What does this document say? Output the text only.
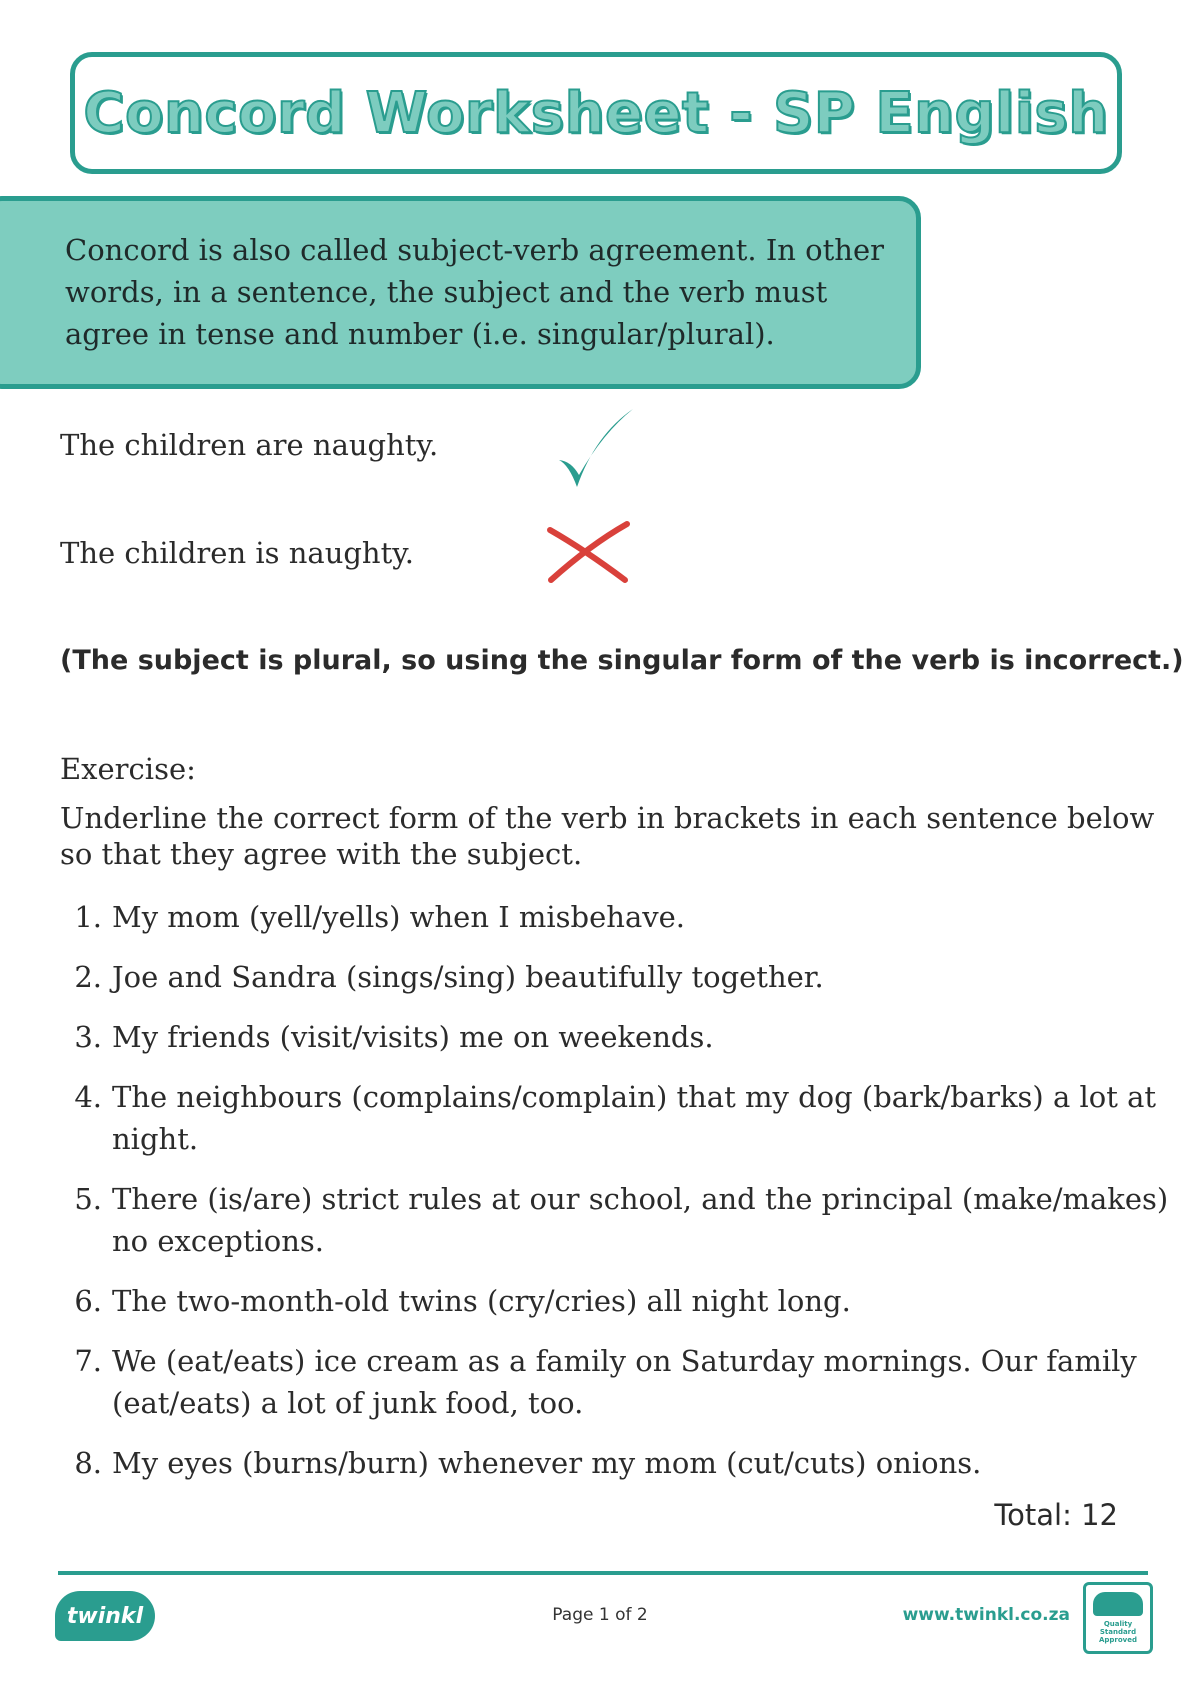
Concord Worksheet - SP English

Concord is also called subject-verb agreement. In other words, in a sentence, the subject and the verb must agree in tense and number (i.e. singular/plural).

The children are naughty.
The children is naughty.
(The subject is plural, so using the singular form of the verb is incorrect.)
Exercise:

Underline the correct form of the verb in brackets in each sentence below so that they agree with the subject.

1. My mom (yell/yells) when I misbehave.
2. Joe and Sandra (sings/sing) beautifully together.
3. My friends (visit/visits) me on weekends.
4. The neighbours (complains/complain) that my dog (bark/barks) a lot at night.
5. There (is/are) strict rules at our school, and the principal (make/makes) no exceptions.
6. The two-month-old twins (cry/cries) all night long.
7. We (eat/eats) ice cream as a family on Saturday mornings. Our family (eat/eats) a lot of junk food, too.
8. My eyes (burns/burn) whenever my mom (cut/cuts) onions.
Total: 12
twinkl	Page 1 of 2	www.twinkl.co.za	Quality Standard Approved
